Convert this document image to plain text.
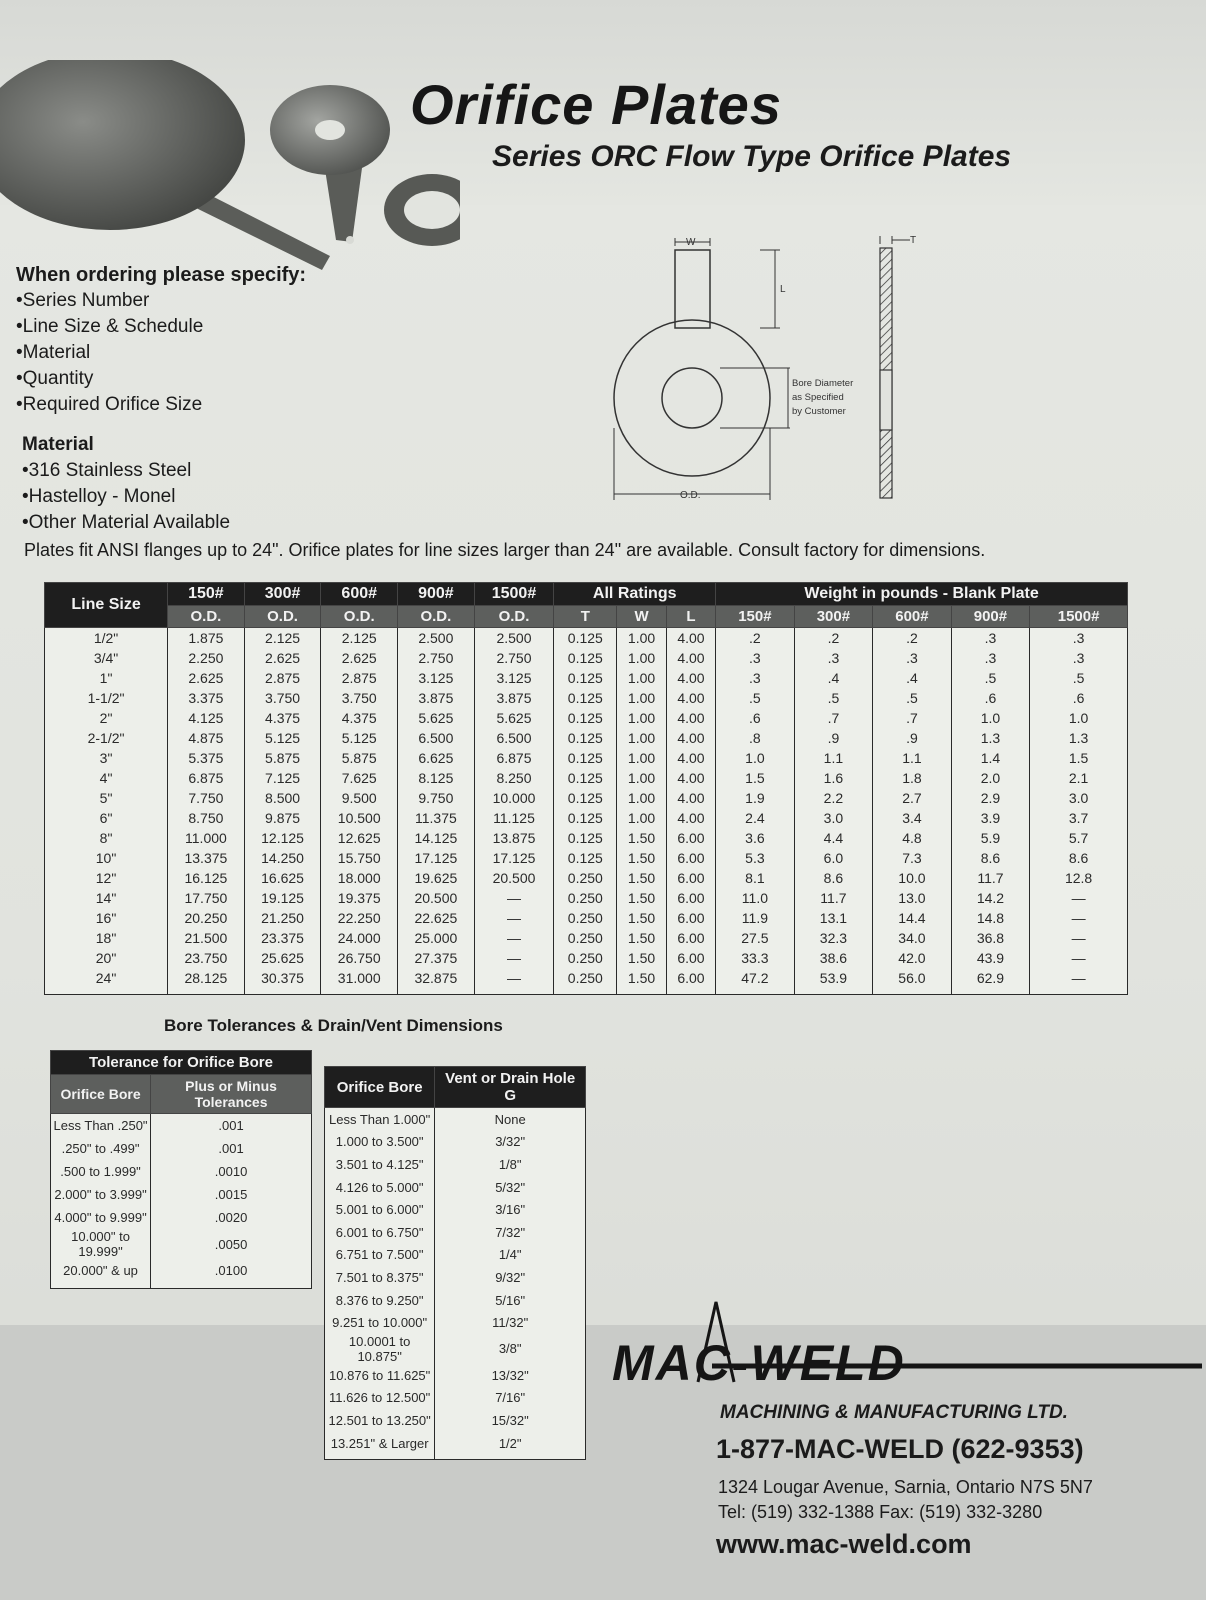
Orifice Plates
Series ORC Flow Type Orifice Plates
When ordering please specify:
• Series Number
• Line Size & Schedule
• Material
• Quantity
• Required Orifice Size
Material
• 316 Stainless Steel
• Hastelloy - Monel
• Other Material Available
Plates fit ANSI flanges up to 24". Orifice plates for line sizes larger than 24" are available. Consult factory for dimensions.
W
L
Bore Diameter
as Specified
by Customer
O.D.
T
Line Size	150#	300#	600#	900#	1500#	All Ratings			Weight in pounds - Blank Plate				
	O.D.	O.D.	O.D.	O.D.	O.D.	T	W	L	150#	300#	600#	900#	1500#
1/2"	1.875	2.125	2.125	2.500	2.500	0.125	1.00	4.00	.2	.2	.2	.3	.3
3/4"	2.250	2.625	2.625	2.750	2.750	0.125	1.00	4.00	.3	.3	.3	.3	.3
1"	2.625	2.875	2.875	3.125	3.125	0.125	1.00	4.00	.3	.4	.4	.5	.5
1-1/2"	3.375	3.750	3.750	3.875	3.875	0.125	1.00	4.00	.5	.5	.5	.6	.6
2"	4.125	4.375	4.375	5.625	5.625	0.125	1.00	4.00	.6	.7	.7	1.0	1.0
2-1/2"	4.875	5.125	5.125	6.500	6.500	0.125	1.00	4.00	.8	.9	.9	1.3	1.3
3"	5.375	5.875	5.875	6.625	6.875	0.125	1.00	4.00	1.0	1.1	1.1	1.4	1.5
4"	6.875	7.125	7.625	8.125	8.250	0.125	1.00	4.00	1.5	1.6	1.8	2.0	2.1
5"	7.750	8.500	9.500	9.750	10.000	0.125	1.00	4.00	1.9	2.2	2.7	2.9	3.0
6"	8.750	9.875	10.500	11.375	11.125	0.125	1.00	4.00	2.4	3.0	3.4	3.9	3.7
8"	11.000	12.125	12.625	14.125	13.875	0.125	1.50	6.00	3.6	4.4	4.8	5.9	5.7
10"	13.375	14.250	15.750	17.125	17.125	0.125	1.50	6.00	5.3	6.0	7.3	8.6	8.6
12"	16.125	16.625	18.000	19.625	20.500	0.250	1.50	6.00	8.1	8.6	10.0	11.7	12.8
14"	17.750	19.125	19.375	20.500	—	0.250	1.50	6.00	11.0	11.7	13.0	14.2	—
16"	20.250	21.250	22.250	22.625	—	0.250	1.50	6.00	11.9	13.1	14.4	14.8	—
18"	21.500	23.375	24.000	25.000	—	0.250	1.50	6.00	27.5	32.3	34.0	36.8	—
20"	23.750	25.625	26.750	27.375	—	0.250	1.50	6.00	33.3	38.6	42.0	43.9	—
24"	28.125	30.375	31.000	32.875	—	0.250	1.50	6.00	47.2	53.9	56.0	62.9	—
Bore Tolerances & Drain/Vent Dimensions
Tolerance for Orifice Bore	
Orifice Bore	Plus or Minus Tolerances
Less Than .250"	.001
.250" to .499"	.001
.500 to 1.999"	.0010
2.000" to 3.999"	.0015
4.000" to 9.999"	.0020
10.000" to 19.999"	.0050
20.000" & up	.0100
Orifice Bore	Vent or Drain Hole G
Less Than 1.000"	None
1.000 to 3.500"	3/32"
3.501 to 4.125"	1/8"
4.126 to 5.000"	5/32"
5.001 to 6.000"	3/16"
6.001 to 6.750"	7/32"
6.751 to 7.500"	1/4"
7.501 to 8.375"	9/32"
8.376 to 9.250"	5/16"
9.251 to 10.000"	11/32"
10.0001 to 10.875"	3/8"
10.876 to 11.625"	13/32"
11.626 to 12.500"	7/16"
12.501 to 13.250"	15/32"
13.251" & Larger	1/2"
MAC-WELD
MACHINING & MANUFACTURING LTD.
1-877-MAC-WELD (622-9353)
1324 Lougar Avenue, Sarnia, Ontario N7S 5N7
Tel: (519) 332-1388 Fax: (519) 332-3280
www.mac-weld.com
